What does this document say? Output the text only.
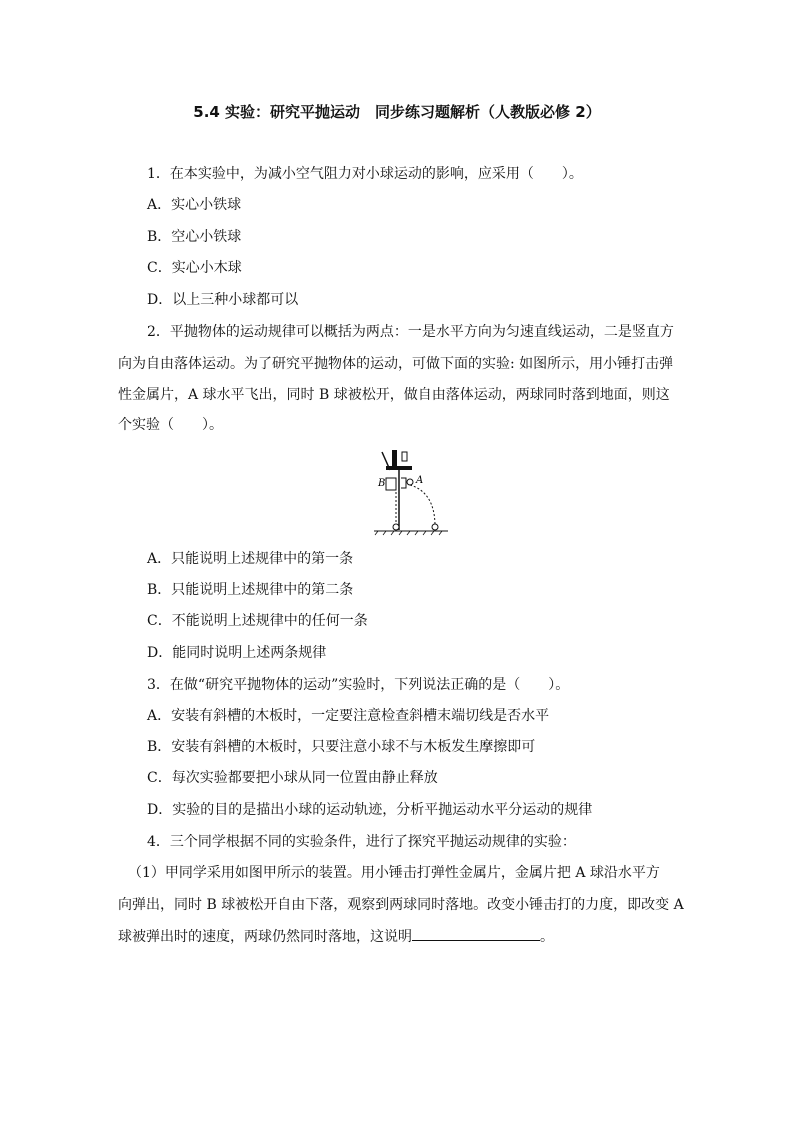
5.4 实验：研究平抛运动　同步练习题解析（人教版必修 2）
1．在本实验中，为减小空气阻力对小球运动的影响，应采用（　　）。
A．实心小铁球
B．空心小铁球
C．实心小木球
D．以上三种小球都可以
2．平抛物体的运动规律可以概括为两点：一是水平方向为匀速直线运动，二是竖直方
向为自由落体运动。为了研究平抛物体的运动，可做下面的实验: 如图所示，用小锤打击弹
性金属片，A 球水平飞出，同时 B 球被松开，做自由落体运动，两球同时落到地面，则这
个实验（　　）。
B	A
A．只能说明上述规律中的第一条
B．只能说明上述规律中的第二条
C．不能说明上述规律中的任何一条
D．能同时说明上述两条规律
3．在做“研究平抛物体的运动”实验时，下列说法正确的是（　　）。
A．安装有斜槽的木板时，一定要注意检查斜槽末端切线是否水平
B．安装有斜槽的木板时，只要注意小球不与木板发生摩擦即可
C．每次实验都要把小球从同一位置由静止释放
D．实验的目的是描出小球的运动轨迹，分析平抛运动水平分运动的规律
4．三个同学根据不同的实验条件，进行了探究平抛运动规律的实验：
（1）甲同学采用如图甲所示的装置。用小锤击打弹性金属片，金属片把 A 球沿水平方
向弹出，同时 B 球被松开自由下落，观察到两球同时落地。改变小锤击打的力度，即改变 A
球被弹出时的速度，两球仍然同时落地，这说明	。
